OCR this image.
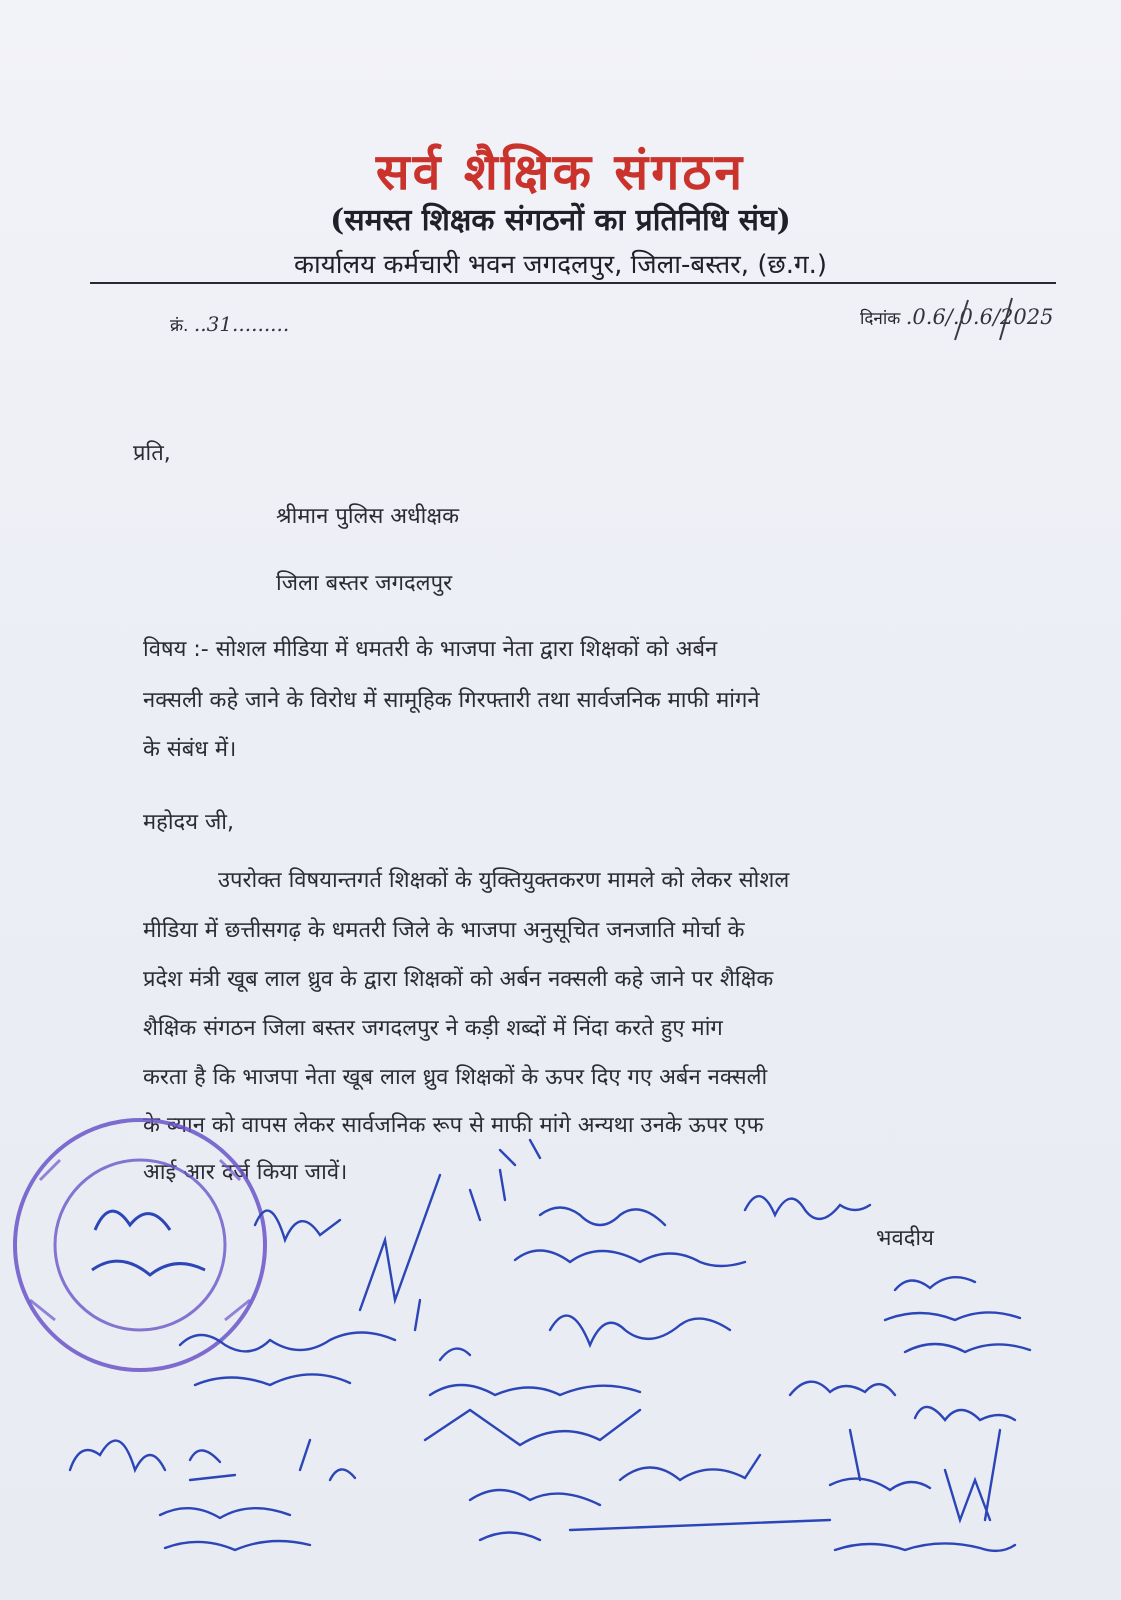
सर्व शैक्षिक संगठन
(समस्त शिक्षक संगठनों का प्रतिनिधि संघ)
कार्यालय कर्मचारी भवन जगदलपुर, जिला-बस्तर, (छ.ग.)
क्रं. ..31.........	दिनांक .0.6/.0.6/2025
प्रति,
श्रीमान पुलिस अधीक्षक
जिला बस्तर जगदलपुर
विषय :- सोशल मीडिया में धमतरी के भाजपा नेता द्वारा शिक्षकों को अर्बन
नक्सली कहे जाने के विरोध में सामूहिक गिरफ्तारी तथा सार्वजनिक माफी मांगने
के संबंध में।
महोदय जी,
उपरोक्त विषयान्तगर्त शिक्षकों के युक्तियुक्तकरण मामले को लेकर सोशल
मीडिया में छत्तीसगढ़ के धमतरी जिले के भाजपा अनुसूचित जनजाति मोर्चा के
प्रदेश मंत्री खूब लाल ध्रुव के द्वारा शिक्षकों को अर्बन नक्सली कहे जाने पर शैक्षिक
शैक्षिक संगठन जिला बस्तर जगदलपुर ने कड़ी शब्दों में निंदा करते हुए मांग
करता है कि भाजपा नेता खूब लाल ध्रुव शिक्षकों के ऊपर दिए गए अर्बन नक्सली
के ब्यान को वापस लेकर सार्वजनिक रूप से माफी मांगे अन्यथा उनके ऊपर एफ
आई आर दर्ज किया जावें।
भवदीय
